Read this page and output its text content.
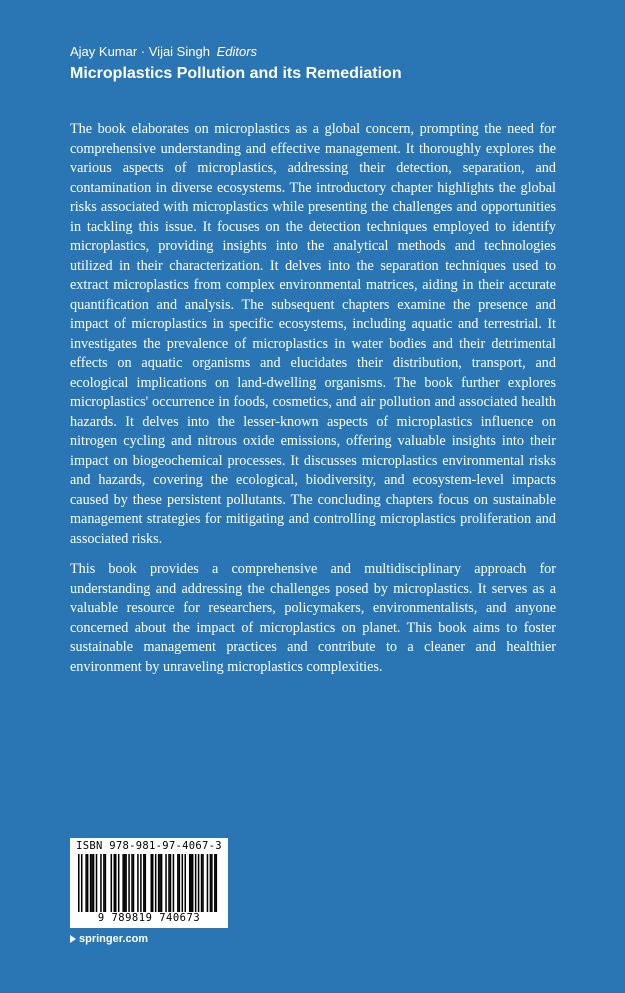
Ajay Kumar · Vijai Singh Editors
Microplastics Pollution and its Remediation

The book elaborates on microplastics as a global concern, prompting the need for comprehensive understanding and effective management. It thoroughly explores the various aspects of microplastics, addressing their detection, separation, and contamination in diverse ecosystems. The introductory chapter highlights the global risks associated with microplastics while presenting the challenges and opportunities in tackling this issue. It focuses on the detection techniques employed to identify microplastics, providing insights into the analytical methods and technologies utilized in their characterization. It delves into the separation techniques used to extract microplastics from complex environmental matrices, aiding in their accurate quantification and analysis. The subsequent chapters examine the presence and impact of microplastics in specific ecosystems, including aquatic and terrestrial. It investigates the prevalence of microplastics in water bodies and their detrimental effects on aquatic organisms and elucidates their distribution, transport, and ecological implications on land-dwelling organisms. The book further explores microplastics' occurrence in foods, cosmetics, and air pollution and associated health hazards. It delves into the lesser-known aspects of microplastics influence on nitrogen cycling and nitrous oxide emissions, offering valuable insights into their impact on biogeochemical processes. It discusses microplastics environmental risks and hazards, covering the ecological, biodiversity, and ecosystem-level impacts caused by these persistent pollutants. The concluding chapters focus on sustainable management strategies for mitigating and controlling microplastics proliferation and associated risks.

This book provides a comprehensive and multidisciplinary approach for understanding and addressing the challenges posed by microplastics. It serves as a valuable resource for researchers, policymakers, environmentalists, and anyone concerned about the impact of microplastics on planet. This book aims to foster sustainable management practices and contribute to a cleaner and healthier environment by unraveling microplastics complexities.

ISBN 978-981-97-4067-3
9 789819 740673
springer.com
